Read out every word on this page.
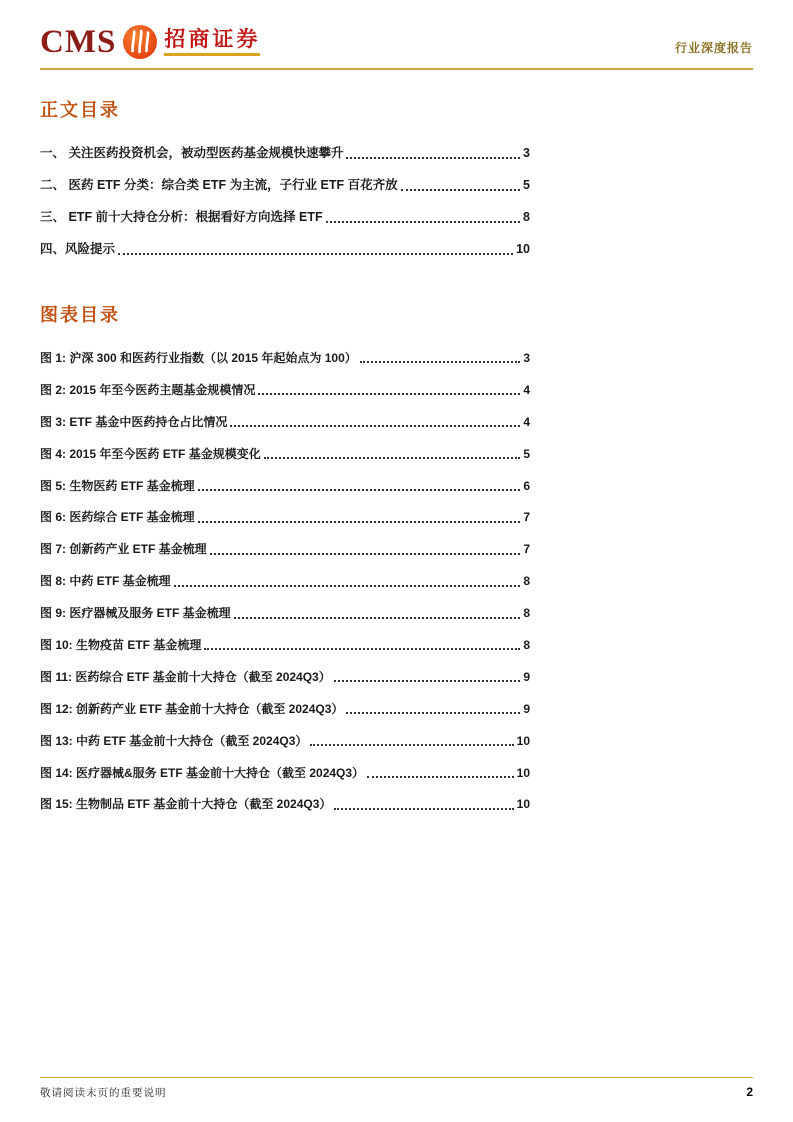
CMS 招商证券	行业深度报告
正文目录
一、 关注医药投资机会，被动型医药基金规模快速攀升	3
二、 医药 ETF 分类：综合类 ETF 为主流，子行业 ETF 百花齐放	5
三、 ETF 前十大持仓分析：根据看好方向选择 ETF	8
四、风险提示	10
图表目录
图 1: 沪深 300 和医药行业指数（以 2015 年起始点为 100）	3
图 2: 2015 年至今医药主题基金规模情况	4
图 3: ETF 基金中医药持仓占比情况	4
图 4: 2015 年至今医药 ETF 基金规模变化	5
图 5: 生物医药 ETF 基金梳理	6
图 6: 医药综合 ETF 基金梳理	7
图 7: 创新药产业 ETF 基金梳理	7
图 8: 中药 ETF 基金梳理	8
图 9: 医疗器械及服务 ETF 基金梳理	8
图 10: 生物疫苗 ETF 基金梳理	8
图 11: 医药综合 ETF 基金前十大持仓（截至 2024Q3）	9
图 12: 创新药产业 ETF 基金前十大持仓（截至 2024Q3）	9
图 13: 中药 ETF 基金前十大持仓（截至 2024Q3）	10
图 14: 医疗器械&服务 ETF 基金前十大持仓（截至 2024Q3）	10
图 15: 生物制品 ETF 基金前十大持仓（截至 2024Q3）	10
敬请阅读末页的重要说明	2
